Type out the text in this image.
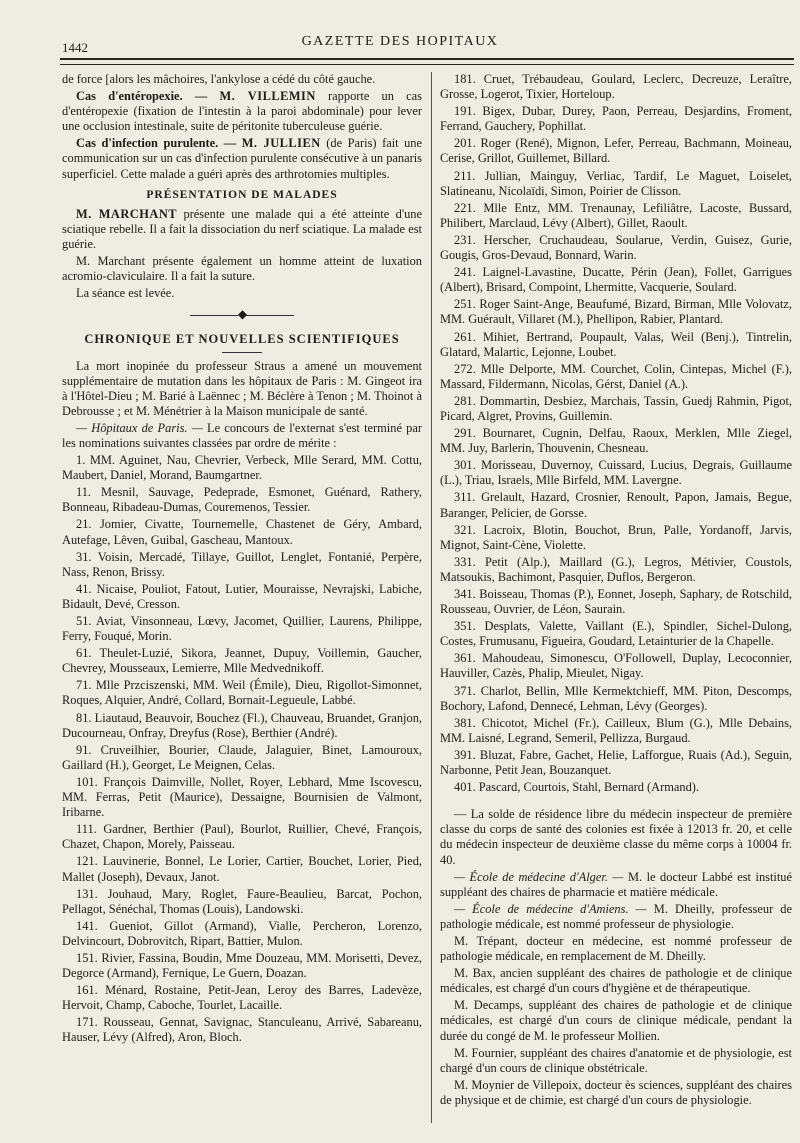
1442	GAZETTE DES HOPITAUX

de force [alors les mâchoires, l'ankylose a cédé du côté gauche.

Cas d'entéropexie. — M. VILLEMIN rapporte un cas d'entéropexie (fixation de l'intestin à la paroi abdominale) pour lever une occlusion intestinale, suite de péritonite tuberculeuse guérie.

Cas d'infection purulente. — M. JULLIEN (de Paris) fait une communication sur un cas d'infection purulente consécutive à un panaris superficiel. Cette malade a guéri après des arthrotomies multiples.

PRÉSENTATION DE MALADES

M. MARCHANT présente une malade qui a été atteinte d'une sciatique rebelle. Il a fait la dissociation du nerf sciatique. La malade est guérie.

M. Marchant présente également un homme atteint de luxation acromio-claviculaire. Il a fait la suture.

La séance est levée.

◆
CHRONIQUE ET NOUVELLES SCIENTIFIQUES

La mort inopinée du professeur Straus a amené un mouvement supplémentaire de mutation dans les hôpitaux de Paris : M. Gingeot ira à l'Hôtel-Dieu ; M. Barié à Laënnec ; M. Béclère à Tenon ; M. Thoinot à Debrousse ; et M. Ménétrier à la Maison municipale de santé.

— Hôpitaux de Paris. — Le concours de l'externat s'est terminé par les nominations suivantes classées par ordre de mérite :

1. MM. Aguinet, Nau, Chevrier, Verbeck, Mlle Serard, MM. Cottu, Maubert, Daniel, Morand, Baumgartner.

11. Mesnil, Sauvage, Pedeprade, Esmonet, Guénard, Rathery, Bonneau, Ribadeau-Dumas, Couremenos, Tessier.

21. Jomier, Civatte, Tournemelle, Chastenet de Géry, Ambard, Autefage, Lêven, Guibal, Gascheau, Mantoux.

31. Voisin, Mercadé, Tillaye, Guillot, Lenglet, Fontanié, Perpère, Nass, Renon, Brissy.

41. Nicaise, Pouliot, Fatout, Lutier, Mouraisse, Nevrajski, Labiche, Bidault, Devé, Cresson.

51. Aviat, Vinsonneau, Lœvy, Jacomet, Quillier, Laurens, Philippe, Ferry, Fouqué, Morin.

61. Theulet-Luzié, Sikora, Jeannet, Dupuy, Voillemin, Gaucher, Chevrey, Mousseaux, Lemierre, Mlle Medvednikoff.

71. Mlle Przciszenski, MM. Weil (Émile), Dieu, Rigollot-Simonnet, Roques, Alquier, André, Collard, Bornait-Legueule, Labbé.

81. Liautaud, Beauvoir, Bouchez (Fl.), Chauveau, Bruandet, Granjon, Ducourneau, Onfray, Dreyfus (Rose), Berthier (André).

91. Cruveilhier, Bourier, Claude, Jalaguier, Binet, Lamouroux, Gaillard (H.), Georget, Le Meignen, Celas.

101. François Daimville, Nollet, Royer, Lebhard, Mme Iscovescu, MM. Ferras, Petit (Maurice), Dessaigne, Bournisien de Valmont, Iribarne.

111. Gardner, Berthier (Paul), Bourlot, Ruillier, Chevé, François, Chazet, Chapon, Morely, Paisseau.

121. Lauvinerie, Bonnel, Le Lorier, Cartier, Bouchet, Lorier, Pied, Mallet (Joseph), Devaux, Janot.

131. Jouhaud, Mary, Roglet, Faure-Beaulieu, Barcat, Pochon, Pellagot, Sénéchal, Thomas (Louis), Landowski.

141. Gueniot, Gillot (Armand), Vialle, Percheron, Lorenzo, Delvincourt, Dobrovitch, Ripart, Battier, Mulon.

151. Rivier, Fassina, Boudin, Mme Douzeau, MM. Morisetti, Devez, Degorce (Armand), Fernique, Le Guern, Doazan.

161. Ménard, Rostaine, Petit-Jean, Leroy des Barres, Ladevèze, Hervoit, Champ, Caboche, Tourlet, Lacaille.

171. Rousseau, Gennat, Savignac, Stanculeanu, Arrivé, Sabareanu, Hauser, Lévy (Alfred), Aron, Bloch.

181. Cruet, Trébaudeau, Goulard, Leclerc, Decreuze, Leraître, Grosse, Logerot, Tixier, Horteloup.

191. Bigex, Dubar, Durey, Paon, Perreau, Desjardins, Froment, Ferrand, Gauchery, Pophillat.

201. Roger (René), Mignon, Lefer, Perreau, Bachmann, Moineau, Cerise, Grillot, Guillemet, Billard.

211. Jullian, Mainguy, Verliac, Tardif, Le Maguet, Loiselet, Slatineanu, Nicolaïdi, Simon, Poirier de Clisson.

221. Mlle Entz, MM. Trenaunay, Lefiliâtre, Lacoste, Bussard, Philibert, Marclaud, Lévy (Albert), Gillet, Raoult.

231. Herscher, Cruchaudeau, Soularue, Verdin, Guisez, Gurie, Gougis, Gros-Devaud, Bonnard, Warin.

241. Laignel-Lavastine, Ducatte, Périn (Jean), Follet, Garrigues (Albert), Brisard, Compoint, Lhermitte, Vacquerie, Soulard.

251. Roger Saint-Ange, Beaufumé, Bizard, Birman, Mlle Volovatz, MM. Guérault, Villaret (M.), Phellipon, Rabier, Plantard.

261. Mihiet, Bertrand, Poupault, Valas, Weil (Benj.), Tintrelin, Glatard, Malartic, Lejonne, Loubet.

272. Mlle Delporte, MM. Courchet, Colin, Cintepas, Michel (F.), Massard, Fildermann, Nicolas, Gérst, Daniel (A.).

281. Dommartin, Desbiez, Marchais, Tassin, Guedj Rahmin, Pigot, Picard, Algret, Provins, Guillemin.

291. Bournaret, Cugnin, Delfau, Raoux, Merklen, Mlle Ziegel, MM. Juy, Barlerin, Thouvenin, Chesneau.

301. Morisseau, Duvernoy, Cuissard, Lucius, Degrais, Guillaume (L.), Triau, Israels, Mlle Birfeld, MM. Lavergne.

311. Grelault, Hazard, Crosnier, Renoult, Papon, Jamais, Begue, Baranger, Pelicier, de Gorsse.

321. Lacroix, Blotin, Bouchot, Brun, Palle, Yordanoff, Jarvis, Mignot, Saint-Cène, Violette.

331. Petit (Alp.), Maillard (G.), Legros, Métivier, Coustols, Matsoukis, Bachimont, Pasquier, Duflos, Bergeron.

341. Boisseau, Thomas (P.), Eonnet, Joseph, Saphary, de Rotschild, Rousseau, Ouvrier, de Léon, Saurain.

351. Desplats, Valette, Vaillant (E.), Spindler, Sichel-Dulong, Costes, Frumusanu, Figueira, Goudard, Letainturier de la Chapelle.

361. Mahoudeau, Simonescu, O'Followell, Duplay, Lecoconnier, Hauviller, Cazès, Phalip, Mieulet, Nigay.

371. Charlot, Bellin, Mlle Kermektchieff, MM. Piton, Descomps, Bochory, Lafond, Dennecé, Lehman, Lévy (Georges).

381. Chicotot, Michel (Fr.), Cailleux, Blum (G.), Mlle Debains, MM. Laisné, Legrand, Semeril, Pellizza, Burgaud.

391. Bluzat, Fabre, Gachet, Helie, Lafforgue, Ruais (Ad.), Seguin, Narbonne, Petit Jean, Bouzanquet.

401. Pascard, Courtois, Stahl, Bernard (Armand).

— La solde de résidence libre du médecin inspecteur de première classe du corps de santé des colonies est fixée à 12013 fr. 20, et celle du médecin inspecteur de deuxième classe du même corps à 10004 fr. 40.

— École de médecine d'Alger. — M. le docteur Labbé est institué suppléant des chaires de pharmacie et matière médicale.

— École de médecine d'Amiens. — M. Dheilly, professeur de pathologie médicale, est nommé professeur de physiologie.

M. Trépant, docteur en médecine, est nommé professeur de pathologie médicale, en remplacement de M. Dheilly.

M. Bax, ancien suppléant des chaires de pathologie et de clinique médicales, est chargé d'un cours d'hygiène et de thérapeutique.

M. Decamps, suppléant des chaires de pathologie et de clinique médicales, est chargé d'un cours de clinique médicale, pendant la durée du congé de M. le professeur Mollien.

M. Fournier, suppléant des chaires d'anatomie et de physiologie, est chargé d'un cours de clinique obstétricale.

M. Moynier de Villepoix, docteur ès sciences, suppléant des chaires de physique et de chimie, est chargé d'un cours de physiologie.
